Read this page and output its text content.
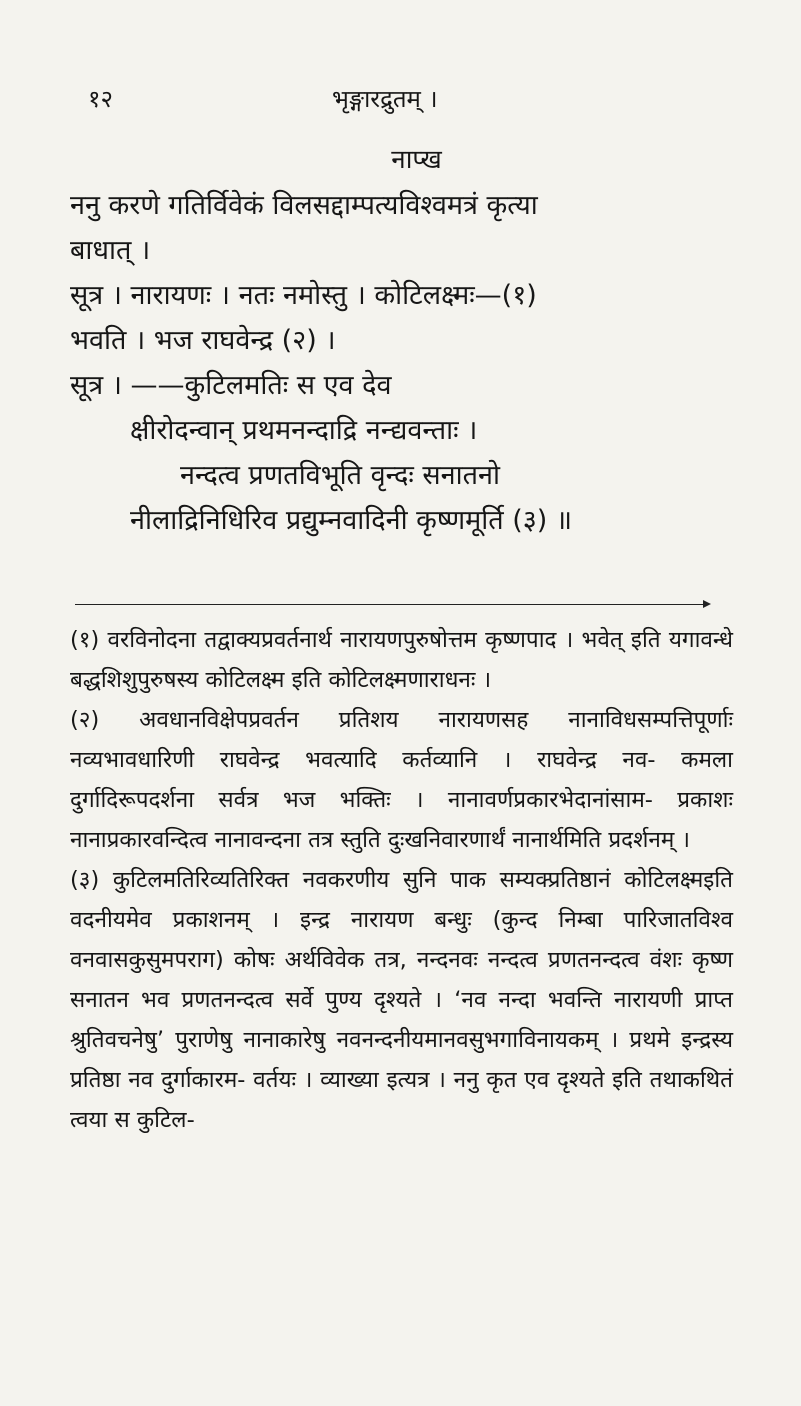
१२	भृङ्गारद्रुतम् ।
नाप्ख
ननु करणे गतिर्विवेकं विलसद्दाम्पत्यविश्वमत्रं कृत्या
बाधात् ।
सूत्र । नारायणः । नतः नमोस्तु । कोटिलक्ष्मः—(१)
भवति । भज राघवेन्द्र (२) ।
सूत्र । ——कुटिलमतिः स एव देव
क्षीरोदन्वान् प्रथमनन्दाद्रि नन्द्यवन्ताः ।
नन्दत्व प्रणतविभूति वृन्दः सनातनो
नीलाद्रिनिधिरिव प्रद्युम्नवादिनी कृष्णमूर्ति (३) ॥

(१) वरविनोदना तद्वाक्यप्रवर्तनार्थ नारायणपुरुषोत्तम कृष्णपाद । भवेत् इति यगावन्धे बद्धशिशुपुरुषस्य कोटिलक्ष्म इति कोटिलक्ष्मणाराधनः ।

(२) अवधानविक्षेपप्रवर्तन प्रतिशय नारायणसह नानाविधसम्पत्तिपूर्णाः नव्यभावधारिणी राघवेन्द्र भवत्यादि कर्तव्यानि । राघवेन्द्र नव- कमला दुर्गादिरूपदर्शना सर्वत्र भज भक्तिः । नानावर्णप्रकारभेदानांसाम- प्रकाशः नानाप्रकारवन्दित्व नानावन्दना तत्र स्तुति दुःखनिवारणार्थं नानार्थमिति प्रदर्शनम् ।

(३) कुटिलमतिरिव्यतिरिक्त नवकरणीय सुनि पाक सम्यक्प्रतिष्ठानं कोटिलक्ष्मइति वदनीयमेव प्रकाशनम् । इन्द्र नारायण बन्धुः (कुन्द निम्बा पारिजातविश्व वनवासकुसुमपराग) कोषः अर्थविवेक तत्र, नन्दनवः नन्दत्व प्रणतनन्दत्व वंशः कृष्ण सनातन भव प्रणतनन्दत्व सर्वे पुण्य दृश्यते । ‘नव नन्दा भवन्ति नारायणी प्राप्त श्रुतिवचनेषु’ पुराणेषु नानाकारेषु नवनन्दनीयमानवसुभगाविनायकम् । प्रथमे इन्द्रस्य प्रतिष्ठा नव दुर्गाकारम- वर्तयः । व्याख्या इत्यत्र । ननु कृत एव दृश्यते इति तथाकथितं त्वया स कुटिल-
